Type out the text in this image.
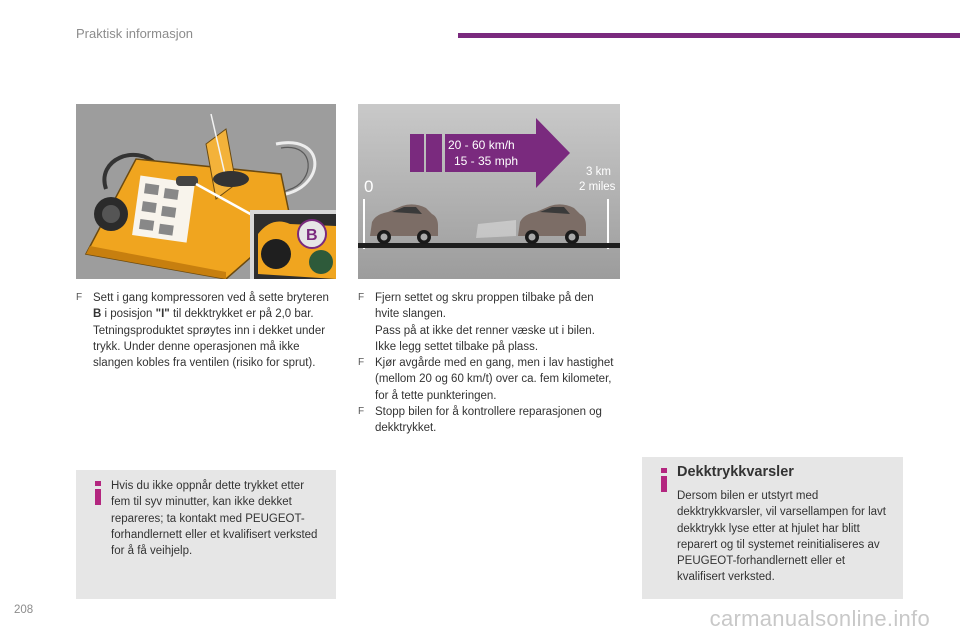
Praktisk informasjon
B
20 - 60 km/h
15 - 35 mph
0
3 km
2 miles
F Sett i gang kompressoren ved å sette bryteren B i posisjon "I" til dekktrykket er på 2,0 bar.
Tetningsproduktet sprøytes inn i dekket under trykk. Under denne operasjonen må ikke slangen kobles fra ventilen (risiko for sprut).
F Fjern settet og skru proppen tilbake på den hvite slangen.
Pass på at ikke det renner væske ut i bilen.
Ikke legg settet tilbake på plass.
F Kjør avgårde med en gang, men i lav hastighet (mellom 20 og 60 km/t) over ca. fem kilometer, for å tette punkteringen.
F Stopp bilen for å kontrollere reparasjonen og dekktrykket.
Hvis du ikke oppnår dette trykket etter fem til syv minutter, kan ikke dekket repareres; ta kontakt med PEUGEOT-forhandlernett eller et kvalifisert verksted for å få veihjelp.
Dekktrykkvarsler
Dersom bilen er utstyrt med dekktrykkvarsler, vil varsellampen for lavt dekktrykk lyse etter at hjulet har blitt reparert og til systemet reinitialiseres av PEUGEOT-forhandlernett eller et kvalifisert verksted.
208	carmanualsonline.info
